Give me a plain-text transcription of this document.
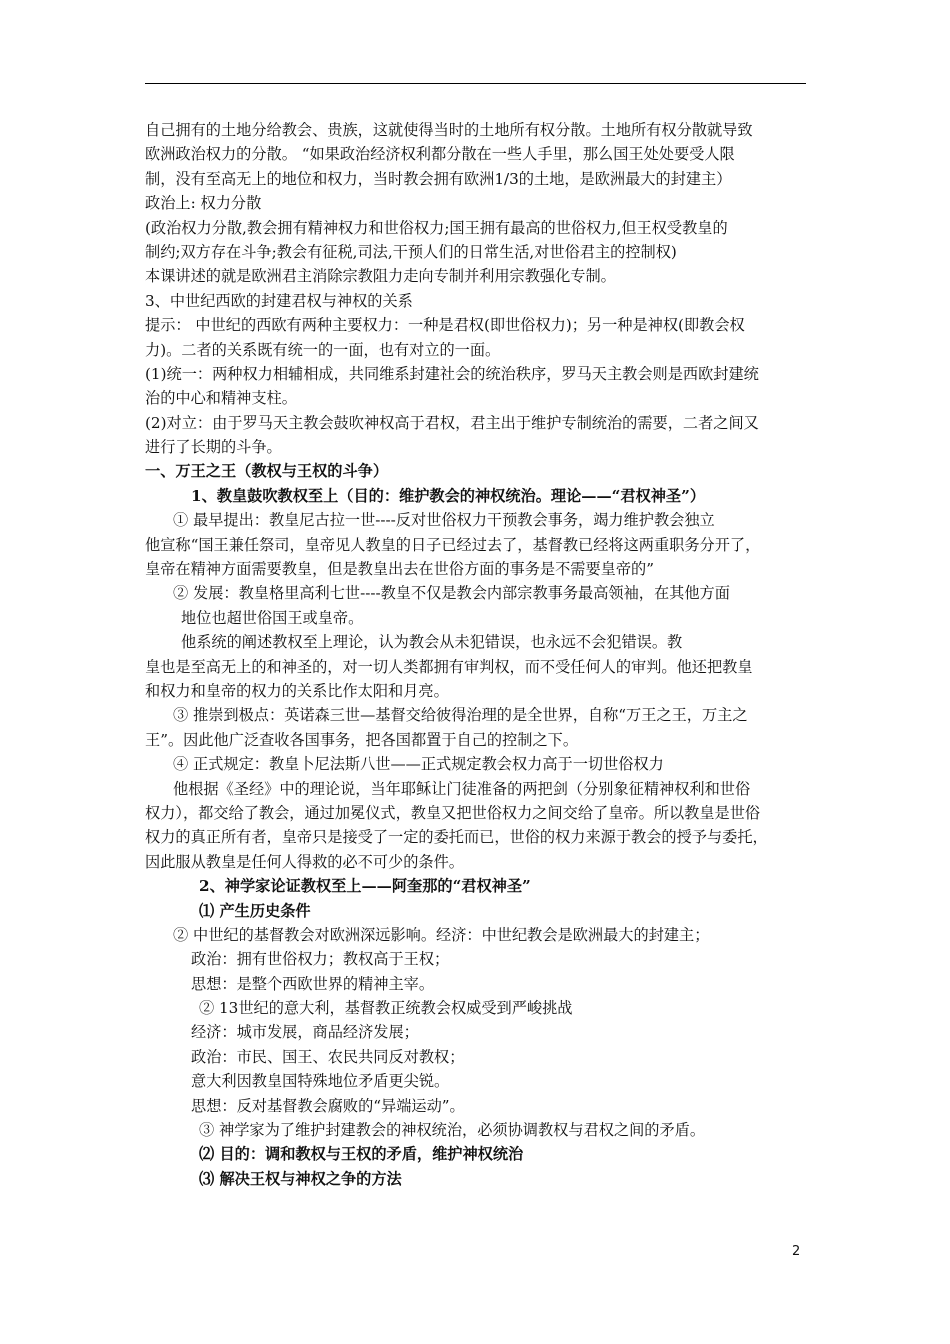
自己拥有的土地分给教会、贵族，这就使得当时的土地所有权分散。土地所有权分散就导致
欧洲政治权力的分散。 “如果政治经济权利都分散在一些人手里，那么国王处处要受人限
制，没有至高无上的地位和权力，当时教会拥有欧洲1/3的土地，是欧洲最大的封建主）
政治上: 权力分散
(政治权力分散,教会拥有精神权力和世俗权力;国王拥有最高的世俗权力,但王权受教皇的
制约;双方存在斗争;教会有征税,司法,干预人们的日常生活,对世俗君主的控制权)
本课讲述的就是欧洲君主消除宗教阻力走向专制并利用宗教强化专制。
3、中世纪西欧的封建君权与神权的关系
提示： 中世纪的西欧有两种主要权力：一种是君权(即世俗权力)；另一种是神权(即教会权
力)。二者的关系既有统一的一面，也有对立的一面。
(1)统一：两种权力相辅相成，共同维系封建社会的统治秩序，罗马天主教会则是西欧封建统
治的中心和精神支柱。
(2)对立：由于罗马天主教会鼓吹神权高于君权，君主出于维护专制统治的需要，二者之间又
进行了长期的斗争。
一、万王之王（教权与王权的斗争）
1、教皇鼓吹教权至上（目的：维护教会的神权统治。理论——“君权神圣”）
① 最早提出：教皇尼古拉一世----反对世俗权力干预教会事务，竭力维护教会独立
他宣称“国王兼任祭司，皇帝见人教皇的日子已经过去了，基督教已经将这两重职务分开了，
皇帝在精神方面需要教皇，但是教皇出去在世俗方面的事务是不需要皇帝的”
② 发展：教皇格里高利七世----教皇不仅是教会内部宗教事务最高领袖，在其他方面
地位也超世俗国王或皇帝。
他系统的阐述教权至上理论，认为教会从未犯错误，也永远不会犯错误。教
皇也是至高无上的和神圣的，对一切人类都拥有审判权，而不受任何人的审判。他还把教皇
和权力和皇帝的权力的关系比作太阳和月亮。
③ 推崇到极点：英诺森三世—基督交给彼得治理的是全世界，自称“万王之王，万主之
王”。因此他广泛查收各国事务，把各国都置于自己的控制之下。
④ 正式规定：教皇卜尼法斯八世——正式规定教会权力高于一切世俗权力
他根据《圣经》中的理论说，当年耶稣让门徒准备的两把剑（分别象征精神权利和世俗
权力），都交给了教会，通过加冕仪式，教皇又把世俗权力之间交给了皇帝。所以教皇是世俗
权力的真正所有者，皇帝只是接受了一定的委托而已，世俗的权力来源于教会的授予与委托，
因此服从教皇是任何人得救的必不可少的条件。
2、神学家论证教权至上——阿奎那的“君权神圣”
⑴ 产生历史条件
② 中世纪的基督教会对欧洲深远影响。经济：中世纪教会是欧洲最大的封建主；
政治：拥有世俗权力；教权高于王权；
思想：是整个西欧世界的精神主宰。
② 13世纪的意大利，基督教正统教会权威受到严峻挑战
经济：城市发展，商品经济发展；
政治：市民、国王、农民共同反对教权；
意大利因教皇国特殊地位矛盾更尖锐。
思想：反对基督教会腐败的“异端运动”。
③ 神学家为了维护封建教会的神权统治，必须协调教权与君权之间的矛盾。
⑵ 目的：调和教权与王权的矛盾，维护神权统治
⑶ 解决王权与神权之争的方法
2
